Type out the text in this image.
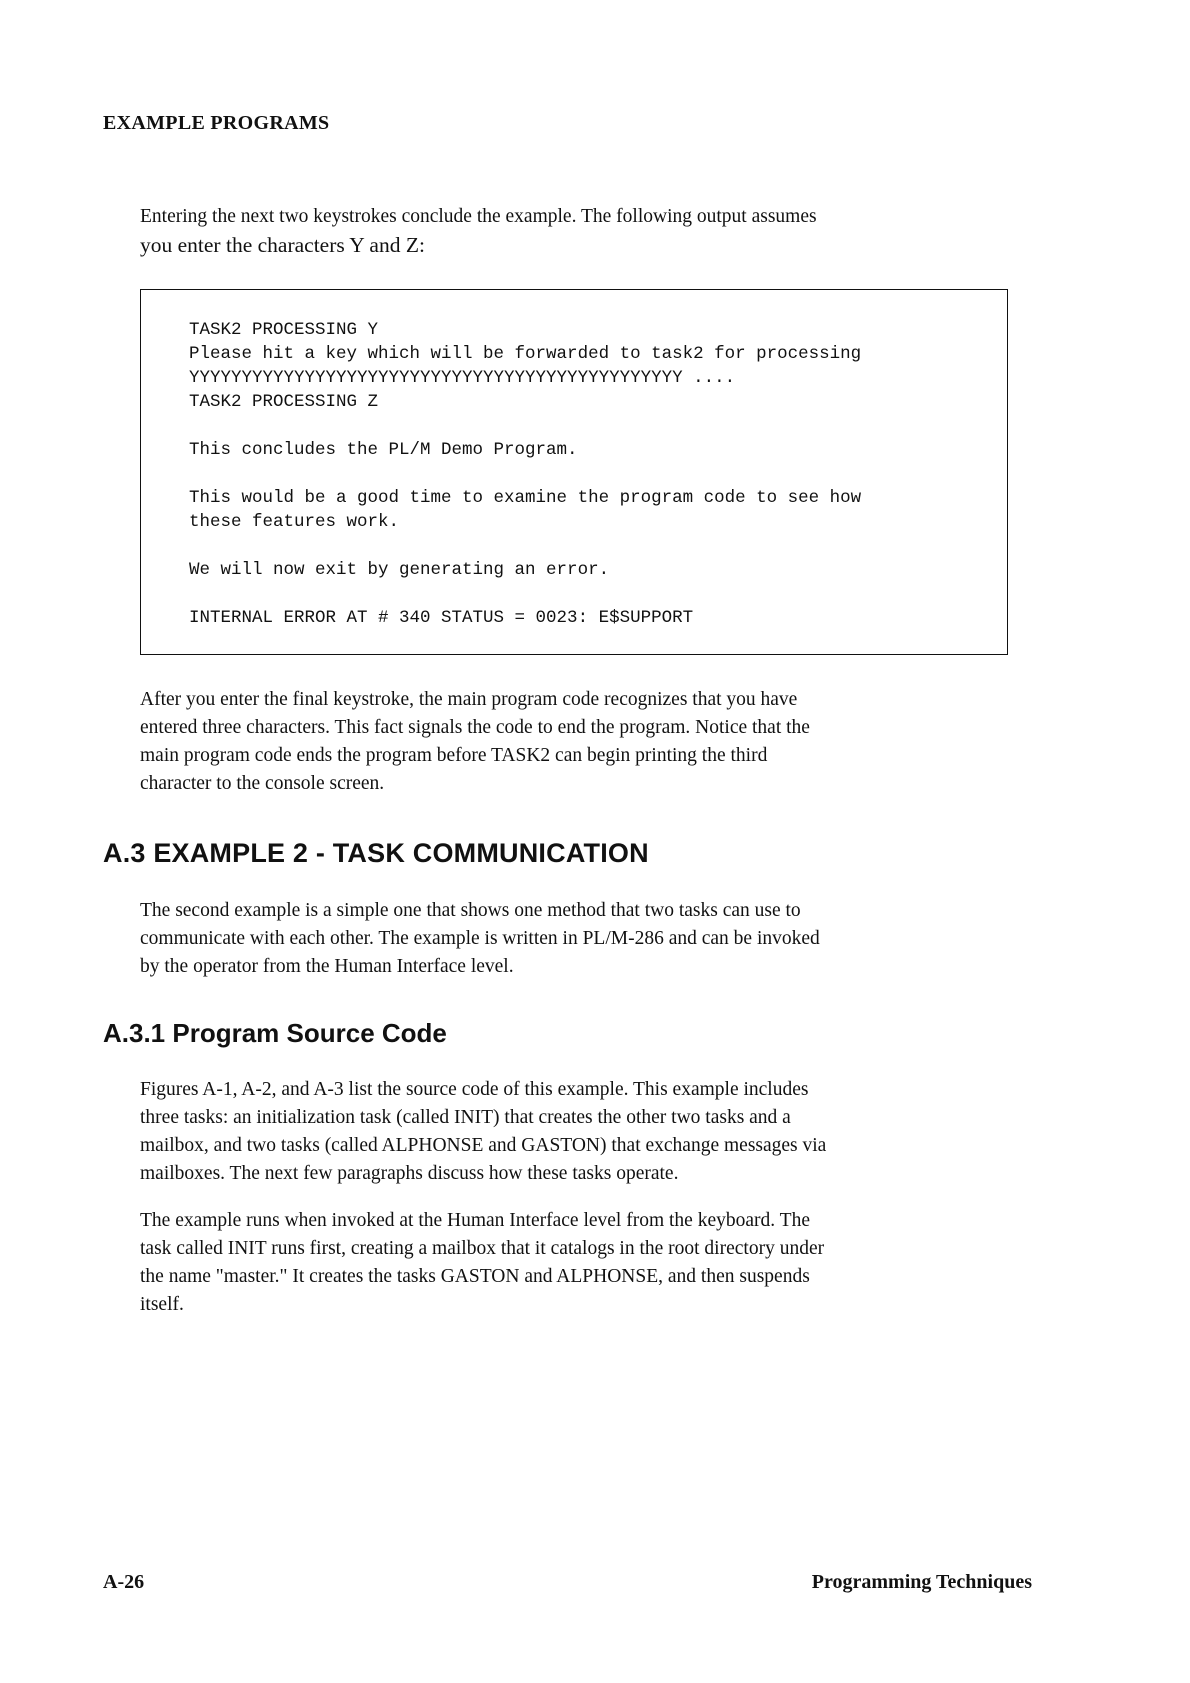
EXAMPLE PROGRAMS
Entering the next two keystrokes conclude the example. The following output assumes
you enter the characters Y and Z:
TASK2 PROCESSING Y
Please hit a key which will be forwarded to task2 for processing
YYYYYYYYYYYYYYYYYYYYYYYYYYYYYYYYYYYYYYYYYYYYYYY ....
TASK2 PROCESSING Z
This concludes the PL/M Demo Program.
This would be a good time to examine the program code to see how
these features work.
We will now exit by generating an error.
INTERNAL ERROR AT # 340 STATUS = 0023: E$SUPPORT
After you enter the final keystroke, the main program code recognizes that you have
entered three characters. This fact signals the code to end the program. Notice that the
main program code ends the program before TASK2 can begin printing the third
character to the console screen.
A.3 EXAMPLE 2 - TASK COMMUNICATION
The second example is a simple one that shows one method that two tasks can use to
communicate with each other. The example is written in PL/M-286 and can be invoked
by the operator from the Human Interface level.
A.3.1 Program Source Code
Figures A-1, A-2, and A-3 list the source code of this example. This example includes
three tasks: an initialization task (called INIT) that creates the other two tasks and a
mailbox, and two tasks (called ALPHONSE and GASTON) that exchange messages via
mailboxes. The next few paragraphs discuss how these tasks operate.
The example runs when invoked at the Human Interface level from the keyboard. The
task called INIT runs first, creating a mailbox that it catalogs in the root directory under
the name "master." It creates the tasks GASTON and ALPHONSE, and then suspends
itself.
A-26	Programming Techniques
